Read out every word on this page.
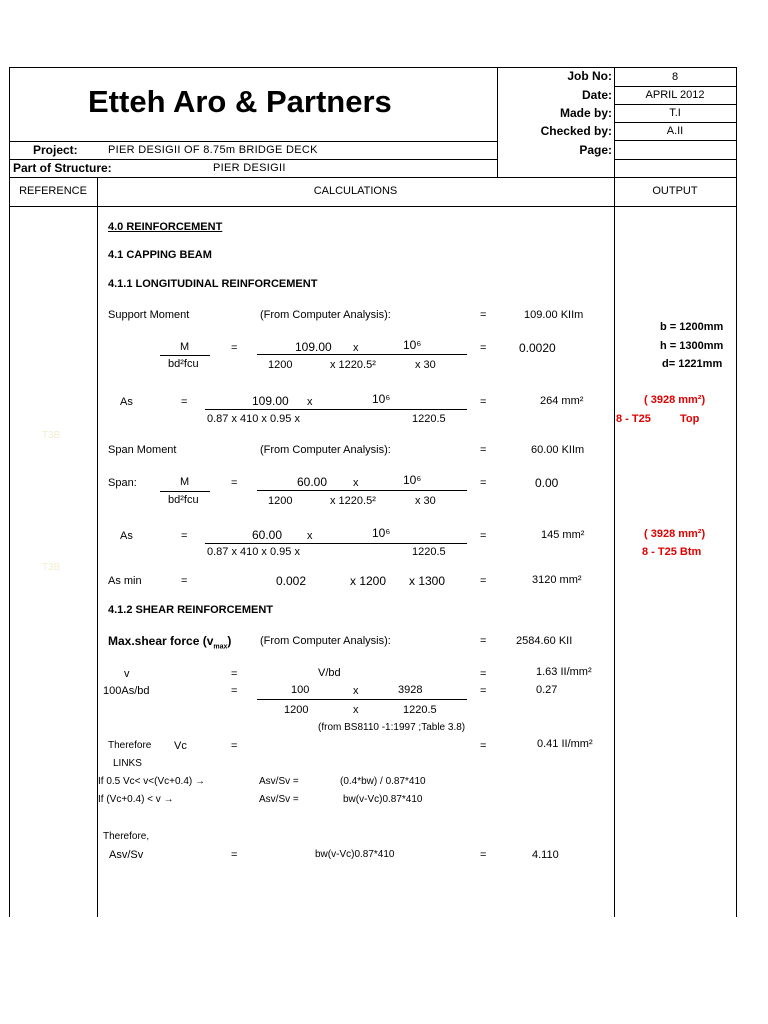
Etteh Aro & Partners
Job No:	8
Date:	APRIL 2012
Made by:	T.I
Checked by:	A.II
Page:
Project:	PIER DESIGII OF 8.75m BRIDGE DECK
Part of Structure:	PIER DESIGII
REFERENCE	CALCULATIONS	OUTPUT
T3B
T3B
4.0 REINFORCEMENT
4.1 CAPPING BEAM
4.1.1 LONGITUDINAL REINFORCEMENT
Support Moment	(From Computer Analysis):	=	109.00 KIIm
M
bd²fcu
=	109.00 x	10⁶
1200	x 1220.5²	x 30
=	0.0020
As	=	109.00 x	10⁶
0.87 x 410 x 0.95 x	1220.5
=	264 mm²
Span Moment	(From Computer Analysis):	=	60.00 KIIm
Span:	M
bd²fcu
=	60.00 x	10⁶
1200	x 1220.5²	x 30
=	0.00
As	=	60.00 x	10⁶
0.87 x 410 x 0.95 x	1220.5
=	145 mm²
As min	=	0.002	x 1200 x 1300	=	3120 mm²
4.1.2 SHEAR REINFORCEMENT
Max.shear force $(v_{max})$	(From Computer Analysis):	=	2584.60 KII
v	=	V/bd	=	1.63 II/mm²
100As/bd	=	100	x	3928
1200	x	1220.5
=	0.27
(from BS8110 -1:1997 ;Table 3.8)
Therefore Vc	=	=	0.41 II/mm²
LINKS
If 0.5 Vc< v<(Vc+0.4) →	Asv/Sv =	(0.4*bw) / 0.87*410
If (Vc+0.4) < v →	Asv/Sv =	bw(v-Vc)0.87*410
Therefore,
Asv/Sv	=	bw(v-Vc)0.87*410	=	4.110
b = 1200mm
h = 1300mm
d= 1221mm
( 3928 mm²)
8 - T25	Top
( 3928 mm²)
8 - T25 Btm
